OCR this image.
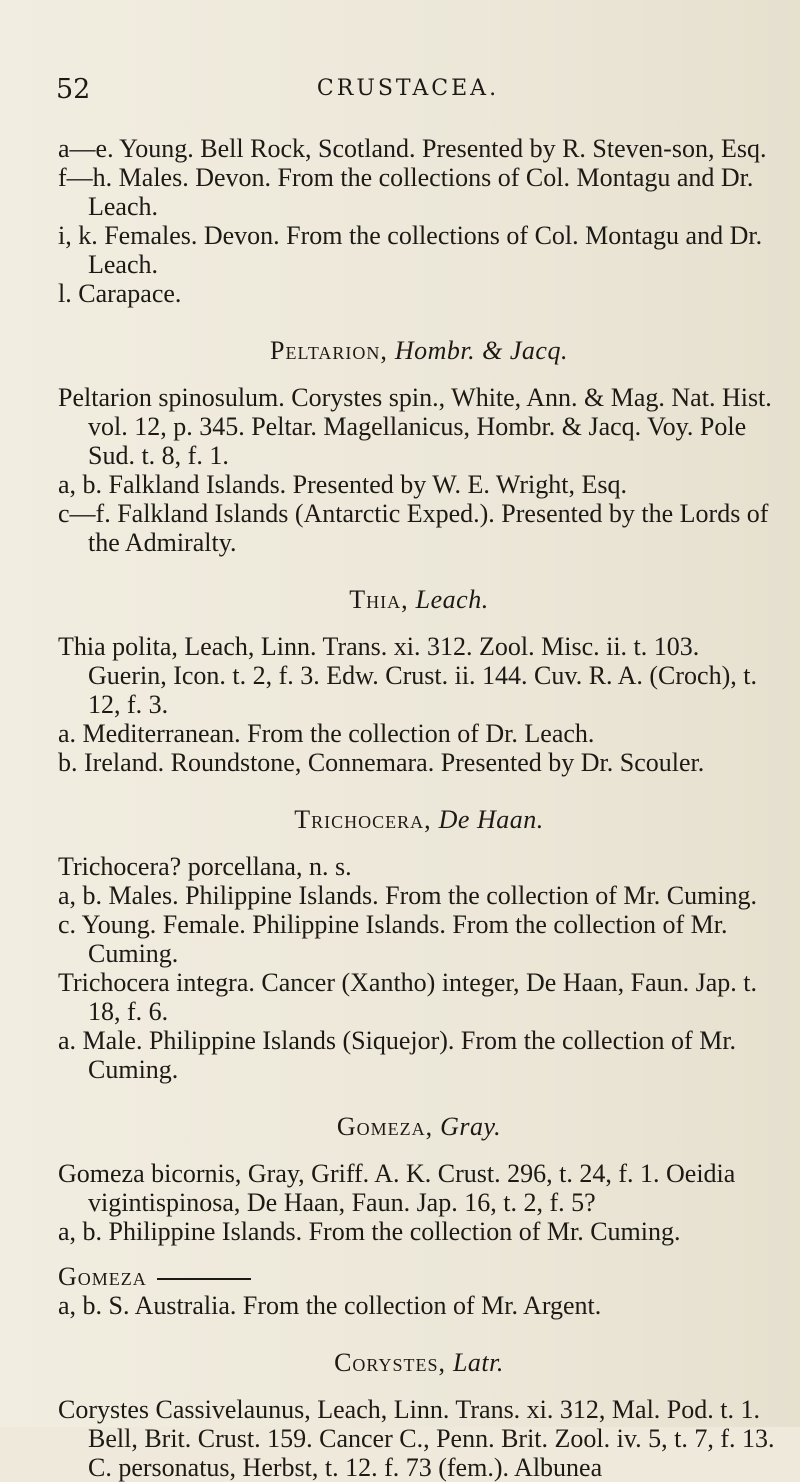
52	CRUSTACEA.

a—e. Young. Bell Rock, Scotland. Presented by R. Steven-son, Esq.

f—h. Males. Devon. From the collections of Col. Montagu and Dr. Leach.

i, k. Females. Devon. From the collections of Col. Montagu and Dr. Leach.

l. Carapace.

Peltarion, Hombr. & Jacq.

Peltarion spinosulum. Corystes spin., White, Ann. & Mag. Nat. Hist. vol. 12, p. 345. Peltar. Magellanicus, Hombr. & Jacq. Voy. Pole Sud. t. 8, f. 1.

a, b. Falkland Islands. Presented by W. E. Wright, Esq.

c—f. Falkland Islands (Antarctic Exped.). Presented by the Lords of the Admiralty.

Thia, Leach.

Thia polita, Leach, Linn. Trans. xi. 312. Zool. Misc. ii. t. 103. Guerin, Icon. t. 2, f. 3. Edw. Crust. ii. 144. Cuv. R. A. (Croch), t. 12, f. 3.

a. Mediterranean. From the collection of Dr. Leach.

b. Ireland. Roundstone, Connemara. Presented by Dr. Scouler.

Trichocera, De Haan.

Trichocera? porcellana, n. s.

a, b. Males. Philippine Islands. From the collection of Mr. Cuming.

c. Young. Female. Philippine Islands. From the collection of Mr. Cuming.

Trichocera integra. Cancer (Xantho) integer, De Haan, Faun. Jap. t. 18, f. 6.

a. Male. Philippine Islands (Siquejor). From the collection of Mr. Cuming.

Gomeza, Gray.

Gomeza bicornis, Gray, Griff. A. K. Crust. 296, t. 24, f. 1. Oeidia vigintispinosa, De Haan, Faun. Jap. 16, t. 2, f. 5?

a, b. Philippine Islands. From the collection of Mr. Cuming.

Gomeza

a, b. S. Australia. From the collection of Mr. Argent.

Corystes, Latr.

Corystes Cassivelaunus, Leach, Linn. Trans. xi. 312, Mal. Pod. t. 1. Bell, Brit. Crust. 159. Cancer C., Penn. Brit. Zool. iv. 5, t. 7, f. 13. C. personatus, Herbst, t. 12. f. 73 (fem.). Albunea
